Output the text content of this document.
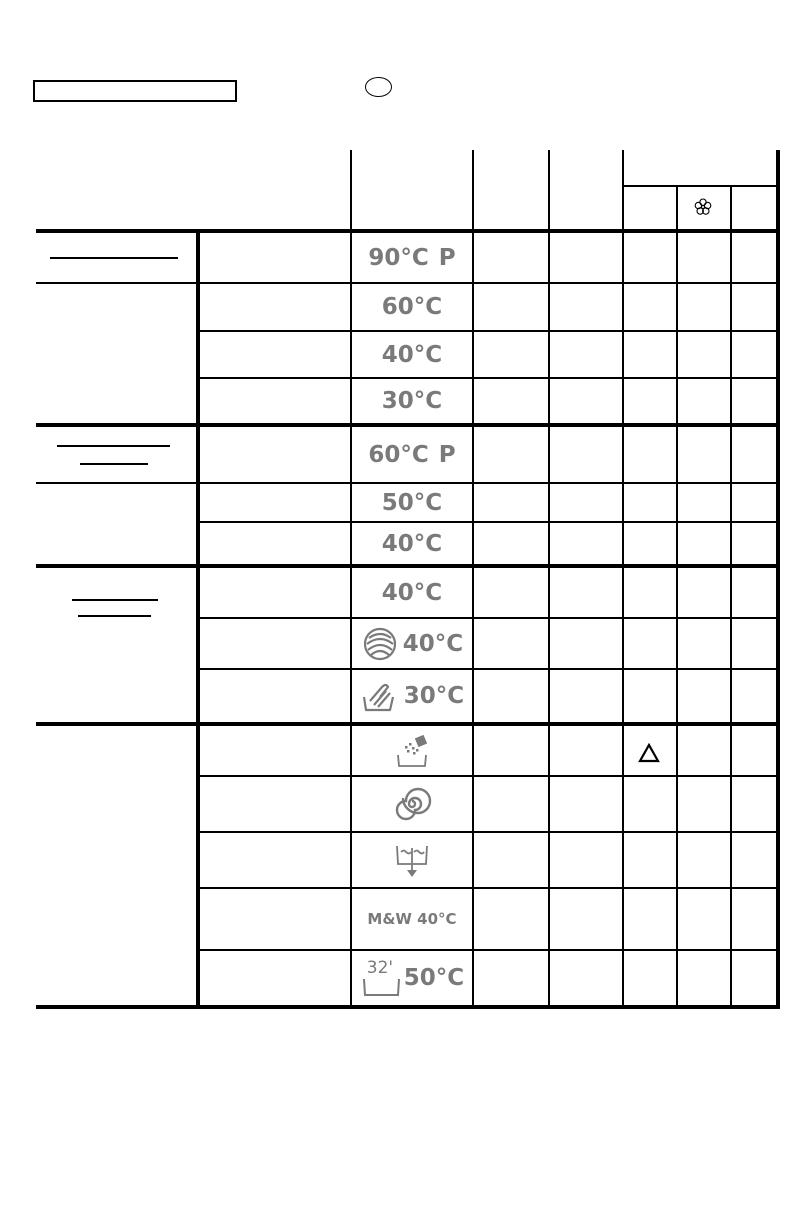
90°C P
60°C
40°C
30°C
60°C P
50°C
40°C
40°C
40°C
30°C
M&W 40°C
32' 50°C
